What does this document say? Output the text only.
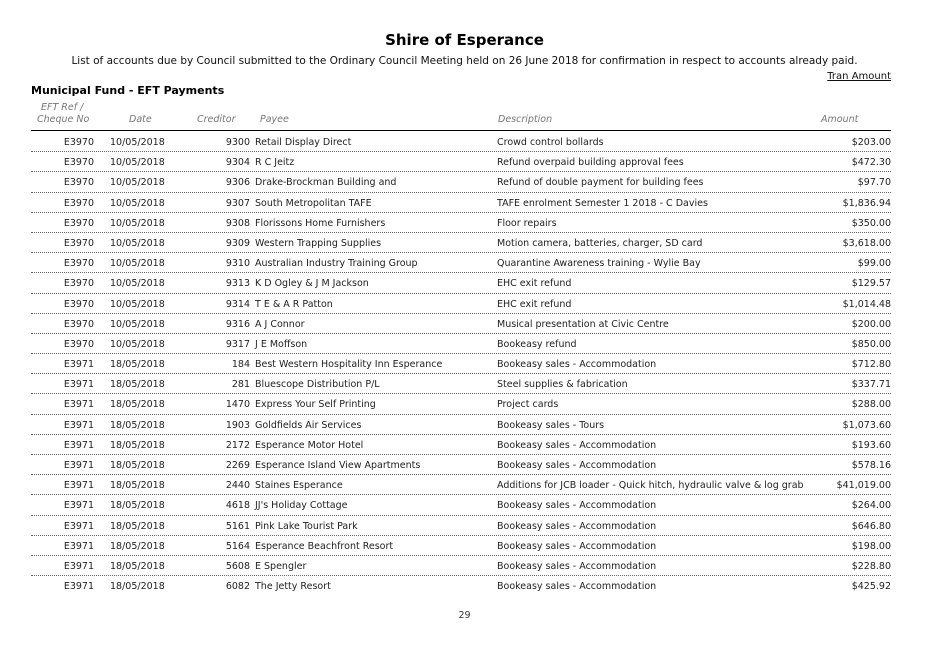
Shire of Esperance
List of accounts due by Council submitted to the Ordinary Council Meeting held on 26 June 2018 for confirmation in respect to accounts already paid.
Tran Amount
Municipal Fund - EFT Payments
EFT Ref /
Cheque No	Date	Creditor	Payee	Description	Amount
E3970 10/05/2018	9300 Retail Display Direct	Crowd control bollards	$203.00
E3970 10/05/2018	9304 R C Jeitz	Refund overpaid building approval fees	$472.30
E3970 10/05/2018	9306 Drake-Brockman Building and	Refund of double payment for building fees	$97.70
E3970 10/05/2018	9307 South Metropolitan TAFE	TAFE enrolment Semester 1 2018 - C Davies	$1,836.94
E3970 10/05/2018	9308 Florissons Home Furnishers	Floor repairs	$350.00
E3970 10/05/2018	9309 Western Trapping Supplies	Motion camera, batteries, charger, SD card	$3,618.00
E3970 10/05/2018	9310 Australian Industry Training Group	Quarantine Awareness training - Wylie Bay	$99.00
E3970 10/05/2018	9313 K D Ogley & J M Jackson	EHC exit refund	$129.57
E3970 10/05/2018	9314 T E & A R Patton	EHC exit refund	$1,014.48
E3970 10/05/2018	9316 A J Connor	Musical presentation at Civic Centre	$200.00
E3970 10/05/2018	9317 J E Moffson	Bookeasy refund	$850.00
E3971 18/05/2018	184 Best Western Hospitality Inn Esperance	Bookeasy sales - Accommodation	$712.80
E3971 18/05/2018	281 Bluescope Distribution P/L	Steel supplies & fabrication	$337.71
E3971 18/05/2018	1470 Express Your Self Printing	Project cards	$288.00
E3971 18/05/2018	1903 Goldfields Air Services	Bookeasy sales - Tours	$1,073.60
E3971 18/05/2018	2172 Esperance Motor Hotel	Bookeasy sales - Accommodation	$193.60
E3971 18/05/2018	2269 Esperance Island View Apartments	Bookeasy sales - Accommodation	$578.16
E3971 18/05/2018	2440 Staines Esperance	Additions for JCB loader - Quick hitch, hydraulic valve & log grab	$41,019.00
E3971 18/05/2018	4618 JJ's Holiday Cottage	Bookeasy sales - Accommodation	$264.00
E3971 18/05/2018	5161 Pink Lake Tourist Park	Bookeasy sales - Accommodation	$646.80
E3971 18/05/2018	5164 Esperance Beachfront Resort	Bookeasy sales - Accommodation	$198.00
E3971 18/05/2018	5608 E Spengler	Bookeasy sales - Accommodation	$228.80
E3971 18/05/2018	6082 The Jetty Resort	Bookeasy sales - Accommodation	$425.92
29
